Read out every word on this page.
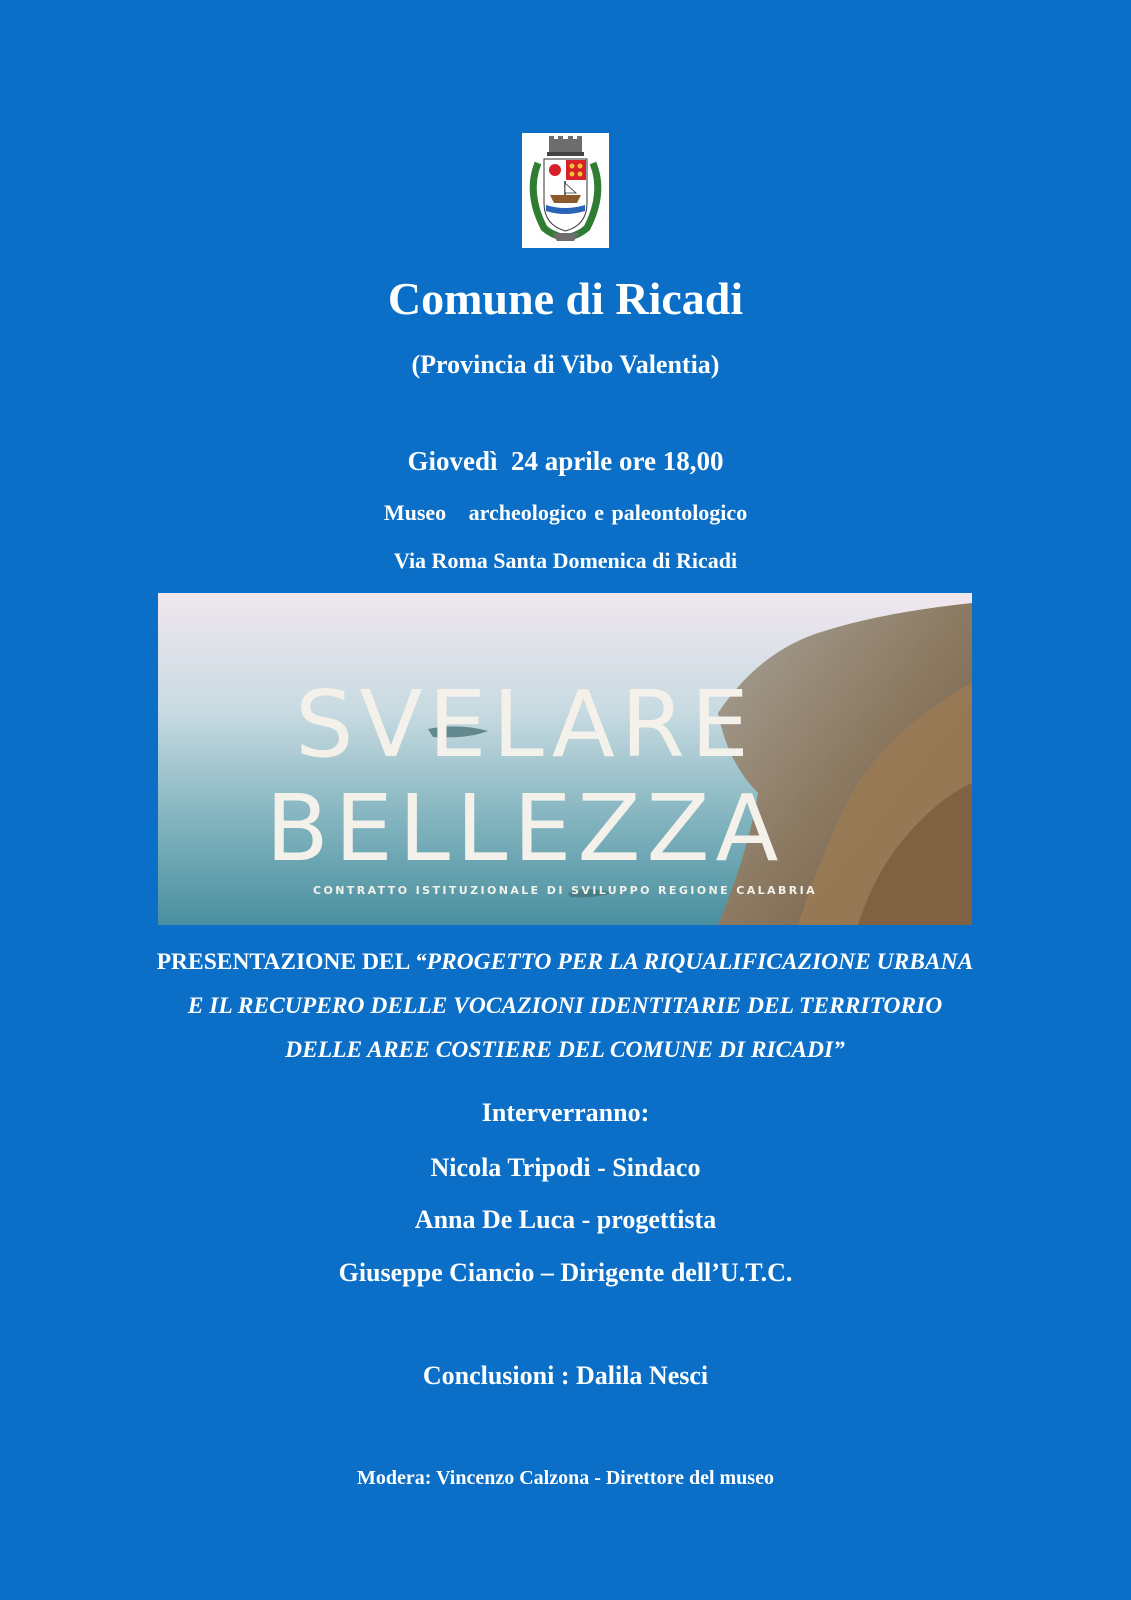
Comune di Ricadi
(Provincia di Vibo Valentia)
Giovedì  24 aprile ore 18,00
Museo   archeologico e paleontologico
Via Roma Santa Domenica di Ricadi
SVELARE
BELLEZZA
CONTRATTO ISTITUZIONALE DI SVILUPPO REGIONE CALABRIA
PRESENTAZIONE DEL “PROGETTO PER LA RIQUALIFICAZIONE URBANA E IL RECUPERO DELLE VOCAZIONI IDENTITARIE DEL TERRITORIO DELLE AREE COSTIERE DEL COMUNE DI RICADI”
Interverranno:
Nicola Tripodi - Sindaco
Anna De Luca - progettista
Giuseppe Ciancio – Dirigente dell’U.T.C.
Conclusioni : Dalila Nesci
Modera: Vincenzo Calzona - Direttore del museo
